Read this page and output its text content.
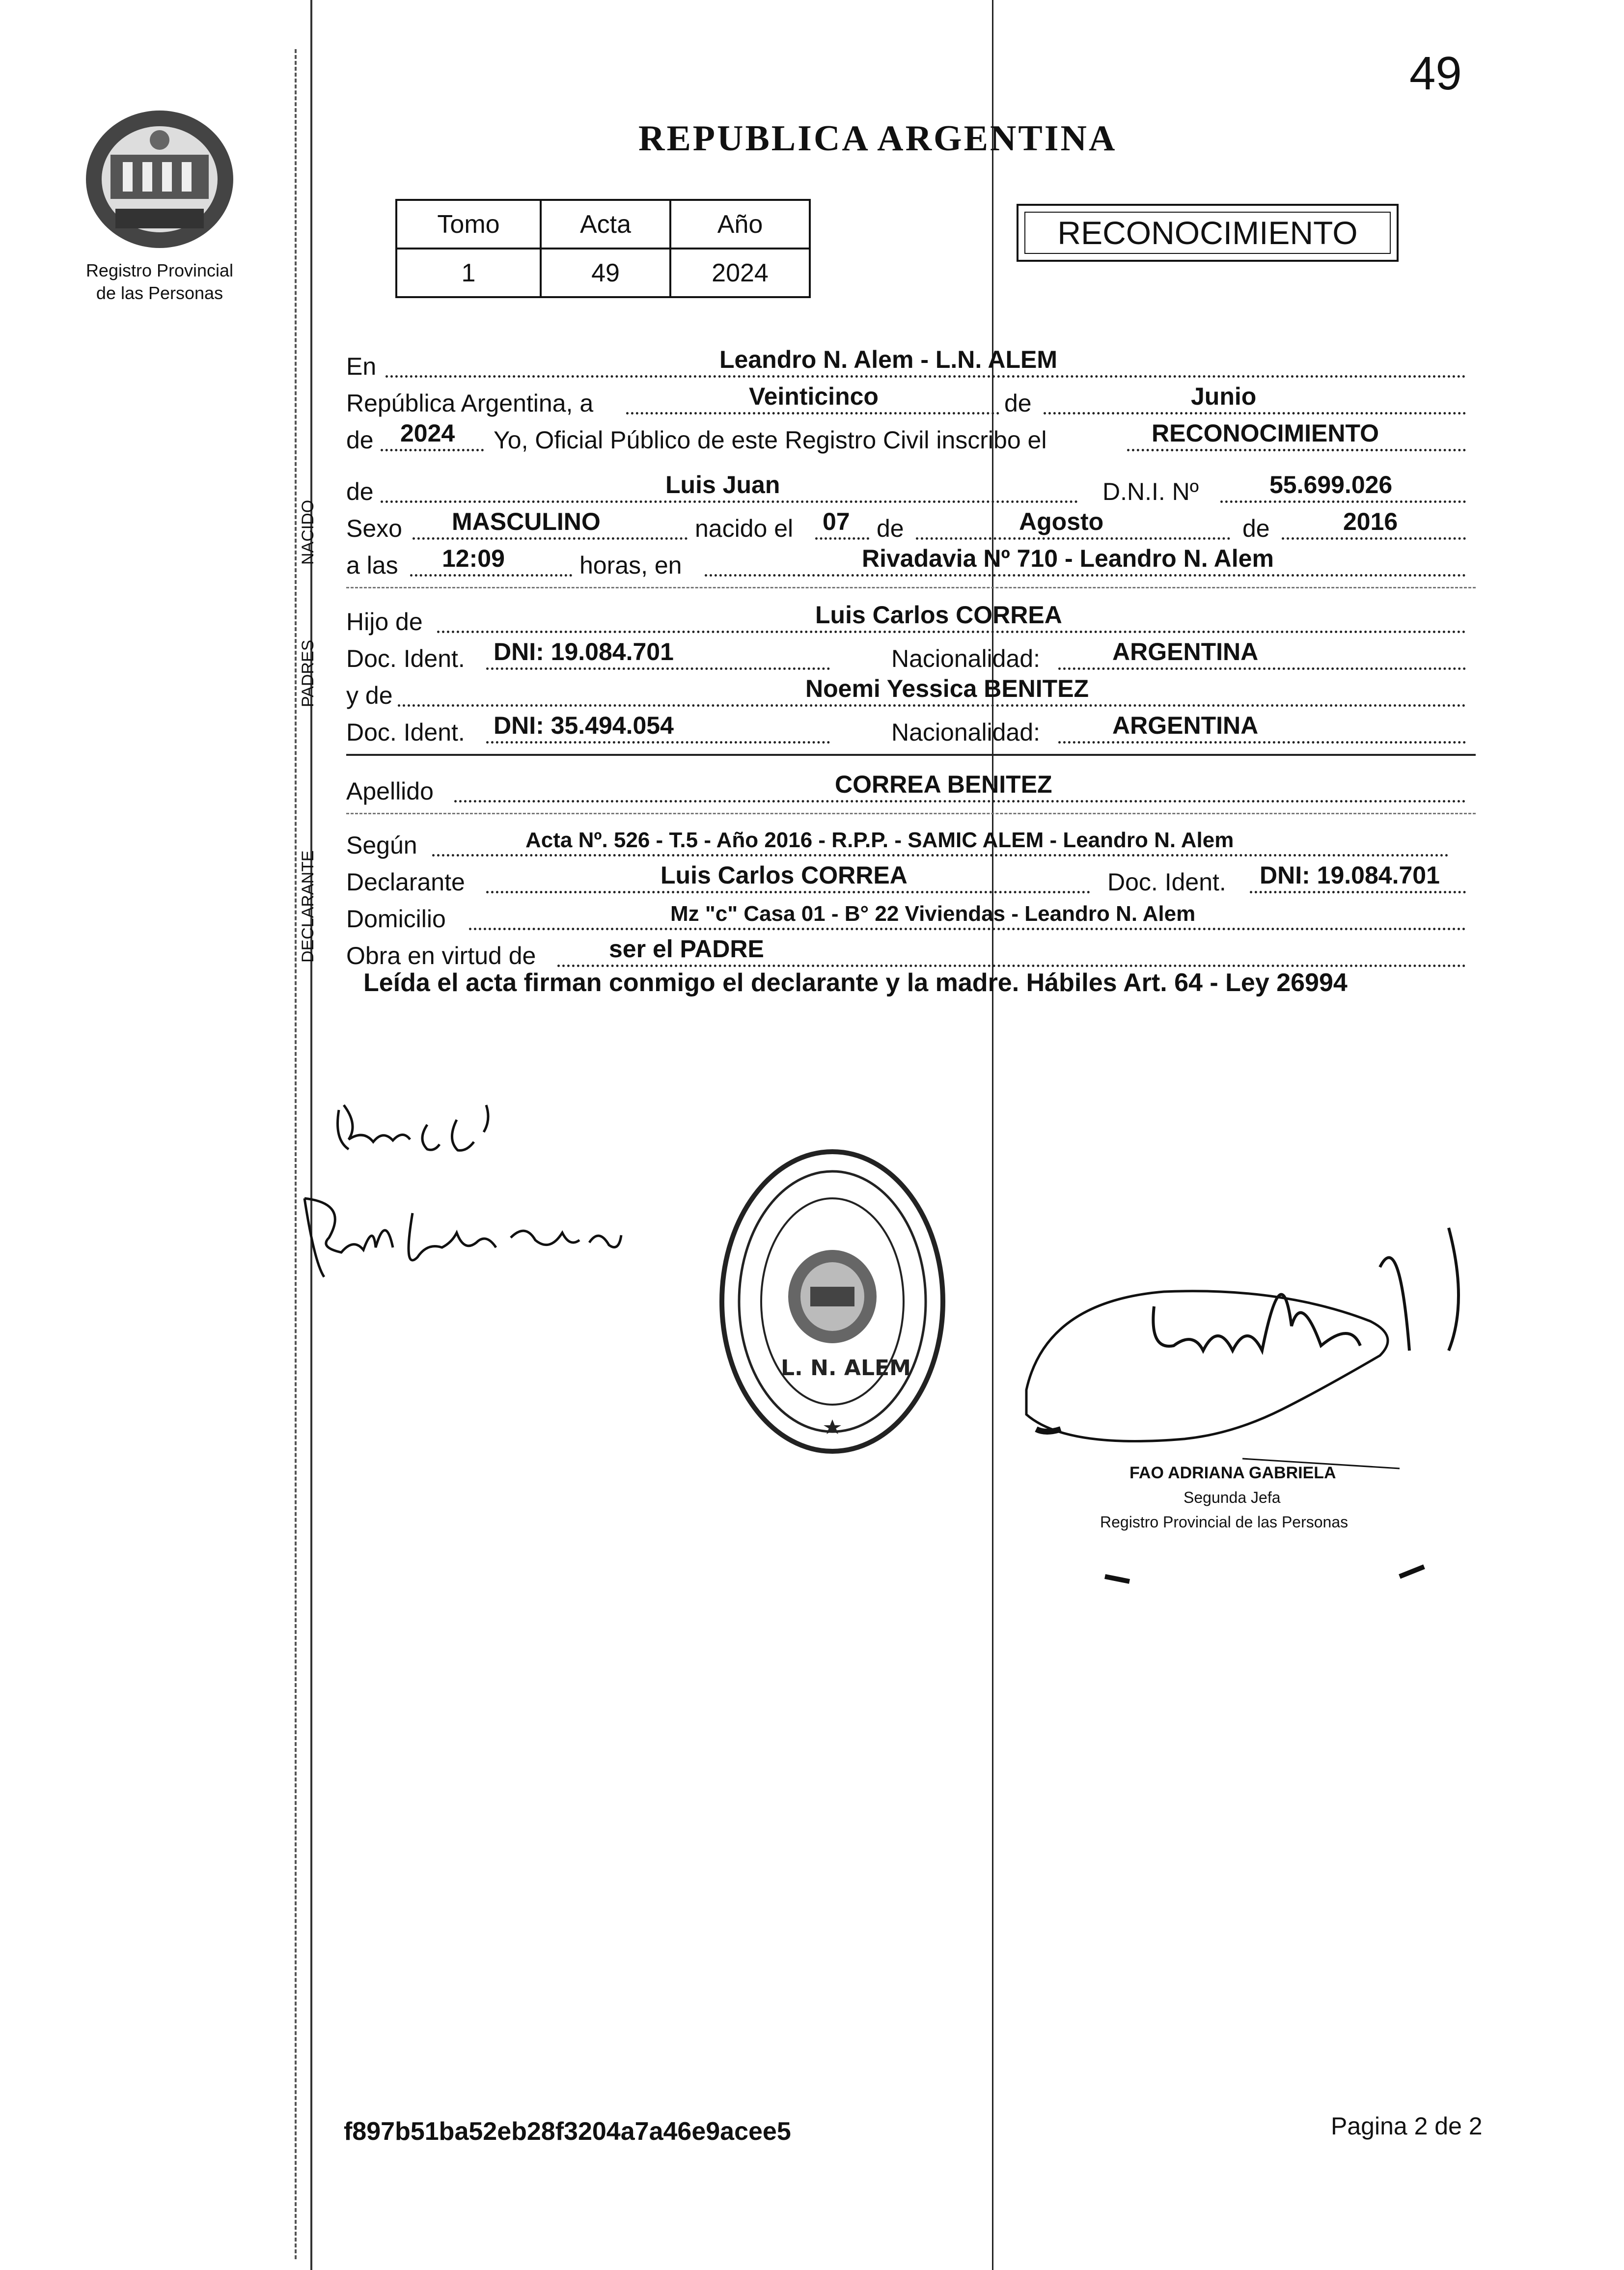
49
NACIDO
PADRES
DECLARANTE
Registro Provincial
de las Personas
REPUBLICA ARGENTINA
Tomo	Acta	Año
1	49	2024
RECONOCIMIENTO
En	Leandro N. Alem - L.N. ALEM
República Argentina, a	Veinticinco	de	Junio
de 2024 Yo, Oficial Público de este Registro Civil inscribo el	RECONOCIMIENTO
de	Luis Juan	D.N.I. Nº	55.699.026
Sexo MASCULINO	nacido el 07 de	Agosto	de	2016
a las 12:09	horas, en	Rivadavia Nº 710 - Leandro N. Alem
Hijo de	Luis Carlos CORREA
Doc. Ident. DNI: 19.084.701	Nacionalidad:	ARGENTINA
y de	Noemi Yessica BENITEZ
Doc. Ident. DNI: 35.494.054	Nacionalidad:	ARGENTINA
Apellido	CORREA BENITEZ
Según	Acta Nº. 526 - T.5 - Año 2016 - R.P.P. - SAMIC ALEM - Leandro N. Alem
Declarante	Luis Carlos CORREA	Doc. Ident. DNI: 19.084.701
Domicilio	Mz "c" Casa 01 - B° 22 Viviendas - Leandro N. Alem
Obra en virtud de	ser el PADRE
Leída el acta firman conmigo el declarante y la madre. Hábiles Art. 64 - Ley 26994
L. N. ALEM
FAO ADRIANA GABRIELA
Segunda Jefa
Registro Provincial de las Personas
f897b51ba52eb28f3204a7a46e9acee5	Pagina 2 de 2
